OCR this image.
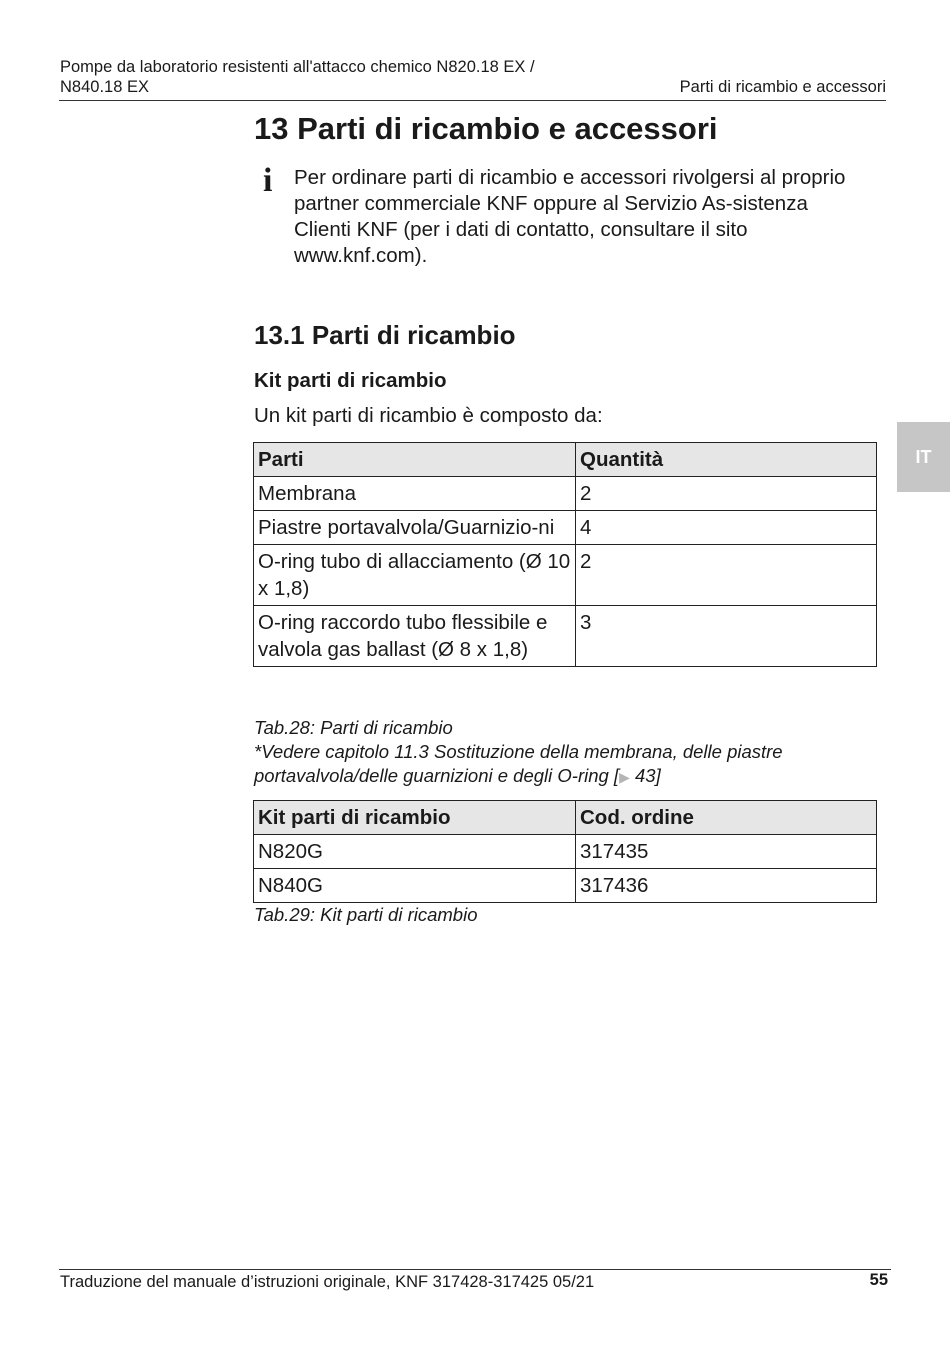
Pompe da laboratorio resistenti all'attacco chemico N820.18 EX /
N840.18 EX	Parti di ricambio e accessori
IT
13 Parti di ricambio e accessori
i Per ordinare parti di ricambio e accessori rivolgersi al proprio partner commerciale KNF oppure al Servizio As-sistenza Clienti KNF (per i dati di contatto, consultare il sito www.knf.com).
13.1 Parti di ricambio
Kit parti di ricambio
Un kit parti di ricambio è composto da:
Parti	Quantità
Membrana	2
Piastre portavalvola/Guarnizio-ni	4
O-ring tubo di allacciamento (Ø 10 x 1,8)	2
O-ring raccordo tubo flessibile e valvola gas ballast (Ø 8 x 1,8)	3
Tab.28: Parti di ricambio
*Vedere capitolo 11.3 Sostituzione della membrana, delle piastre portavalvola/delle guarnizioni e degli O-ring [▶ 43]
Kit parti di ricambio	Cod. ordine
N820G	317435
N840G	317436
Tab.29: Kit parti di ricambio
Traduzione del manuale d’istruzioni originale, KNF 317428-317425 05/21	55
